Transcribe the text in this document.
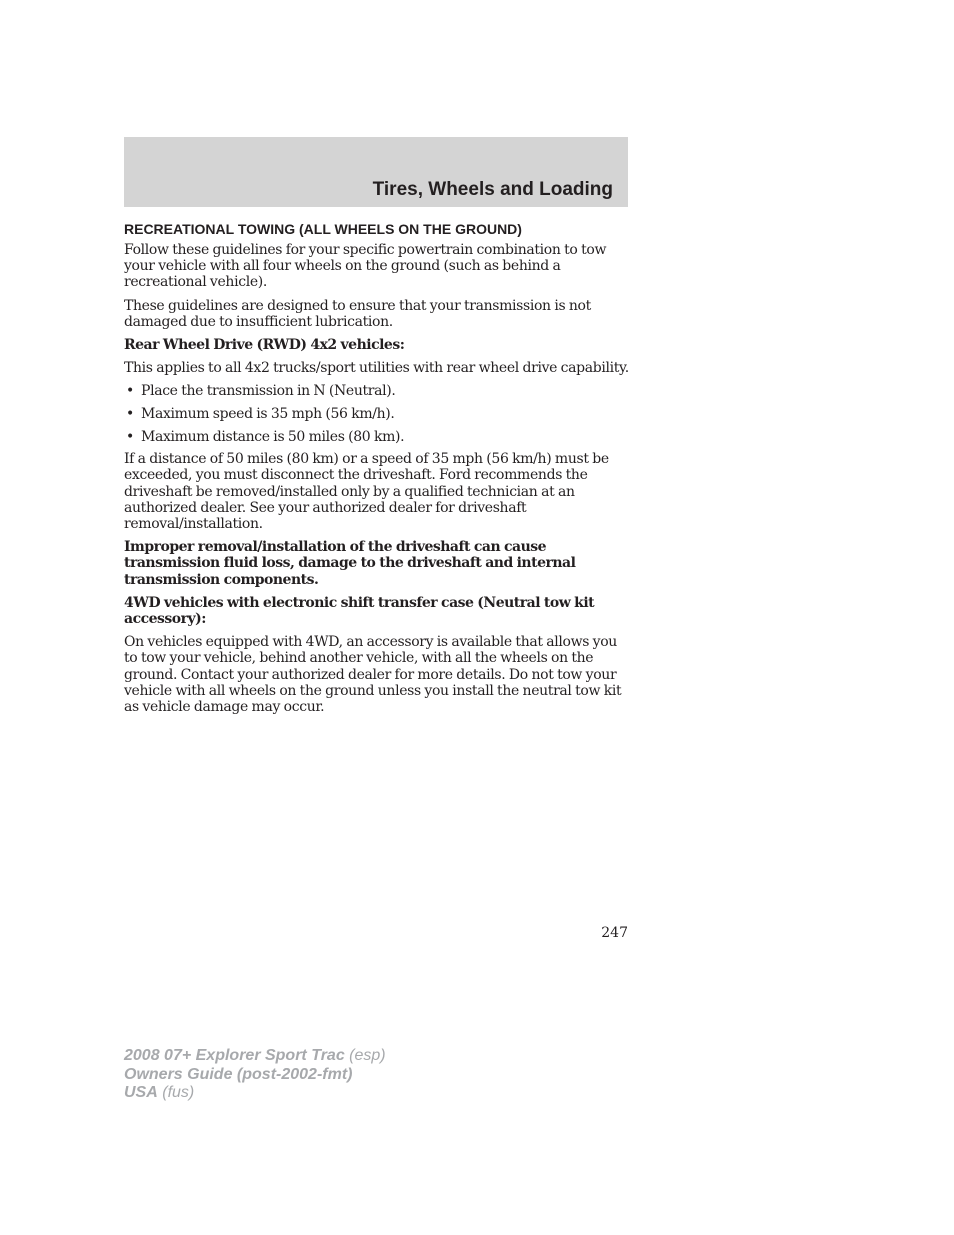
Tires, Wheels and Loading
RECREATIONAL TOWING (ALL WHEELS ON THE GROUND)

Follow these guidelines for your specific powertrain combination to tow your vehicle with all four wheels on the ground (such as behind a recreational vehicle).

These guidelines are designed to ensure that your transmission is not damaged due to insufficient lubrication.

Rear Wheel Drive (RWD) 4x2 vehicles:

This applies to all 4x2 trucks/sport utilities with rear wheel drive capability.

• Place the transmission in N (Neutral).
• Maximum speed is 35 mph (56 km/h).
• Maximum distance is 50 miles (80 km).

If a distance of 50 miles (80 km) or a speed of 35 mph (56 km/h) must be exceeded, you must disconnect the driveshaft. Ford recommends the driveshaft be removed/installed only by a qualified technician at an authorized dealer. See your authorized dealer for driveshaft removal/installation.

Improper removal/installation of the driveshaft can cause transmission fluid loss, damage to the driveshaft and internal transmission components.

4WD vehicles with electronic shift transfer case (Neutral tow kit accessory):

On vehicles equipped with 4WD, an accessory is available that allows you to tow your vehicle, behind another vehicle, with all the wheels on the ground. Contact your authorized dealer for more details. Do not tow your vehicle with all wheels on the ground unless you install the neutral tow kit as vehicle damage may occur.

247

2008 07+ Explorer Sport Trac (esp)

Owners Guide (post-2002-fmt)

USA (fus)
